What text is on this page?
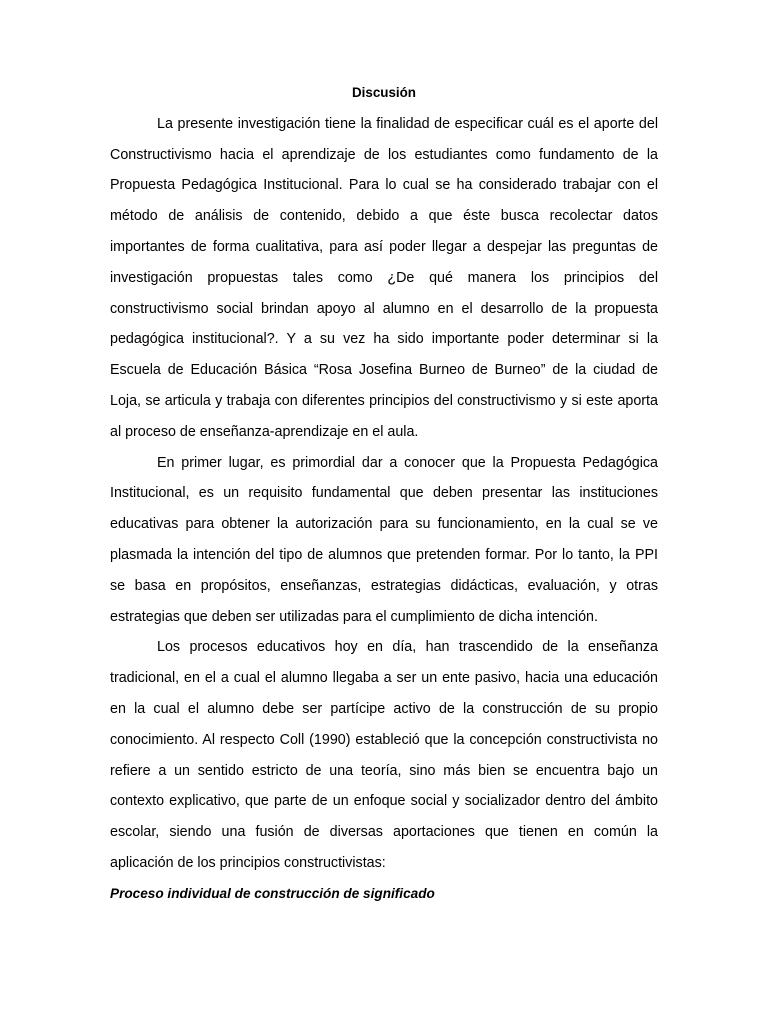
Discusión

La presente investigación tiene la finalidad de especificar cuál es el aporte del Constructivismo hacia el aprendizaje de los estudiantes como fundamento de la Propuesta Pedagógica Institucional. Para lo cual se ha considerado trabajar con el método de análisis de contenido, debido a que éste busca recolectar datos importantes de forma cualitativa, para así poder llegar a despejar las preguntas de investigación propuestas tales como ¿De qué manera los principios del constructivismo social brindan apoyo al alumno en el desarrollo de la propuesta pedagógica institucional?. Y a su vez ha sido importante poder determinar si la Escuela de Educación Básica “Rosa Josefina Burneo de Burneo” de la ciudad de Loja, se articula y trabaja con diferentes principios del constructivismo y si este aporta al proceso de enseñanza-aprendizaje en el aula.

En primer lugar, es primordial dar a conocer que la Propuesta Pedagógica Institucional, es un requisito fundamental que deben presentar las instituciones educativas para obtener la autorización para su funcionamiento, en la cual se ve plasmada la intención del tipo de alumnos que pretenden formar. Por lo tanto, la PPI se basa en propósitos, enseñanzas, estrategias didácticas, evaluación, y otras estrategias que deben ser utilizadas para el cumplimiento de dicha intención.

Los procesos educativos hoy en día, han trascendido de la enseñanza tradicional, en el a cual el alumno llegaba a ser un ente pasivo, hacia una educación en la cual el alumno debe ser partícipe activo de la construcción de su propio conocimiento. Al respecto Coll (1990) estableció que la concepción constructivista no refiere a un sentido estricto de una teoría, sino más bien se encuentra bajo un contexto explicativo, que parte de un enfoque social y socializador dentro del ámbito escolar, siendo una fusión de diversas aportaciones que tienen en común la aplicación de los principios constructivistas:

Proceso individual de construcción de significado
